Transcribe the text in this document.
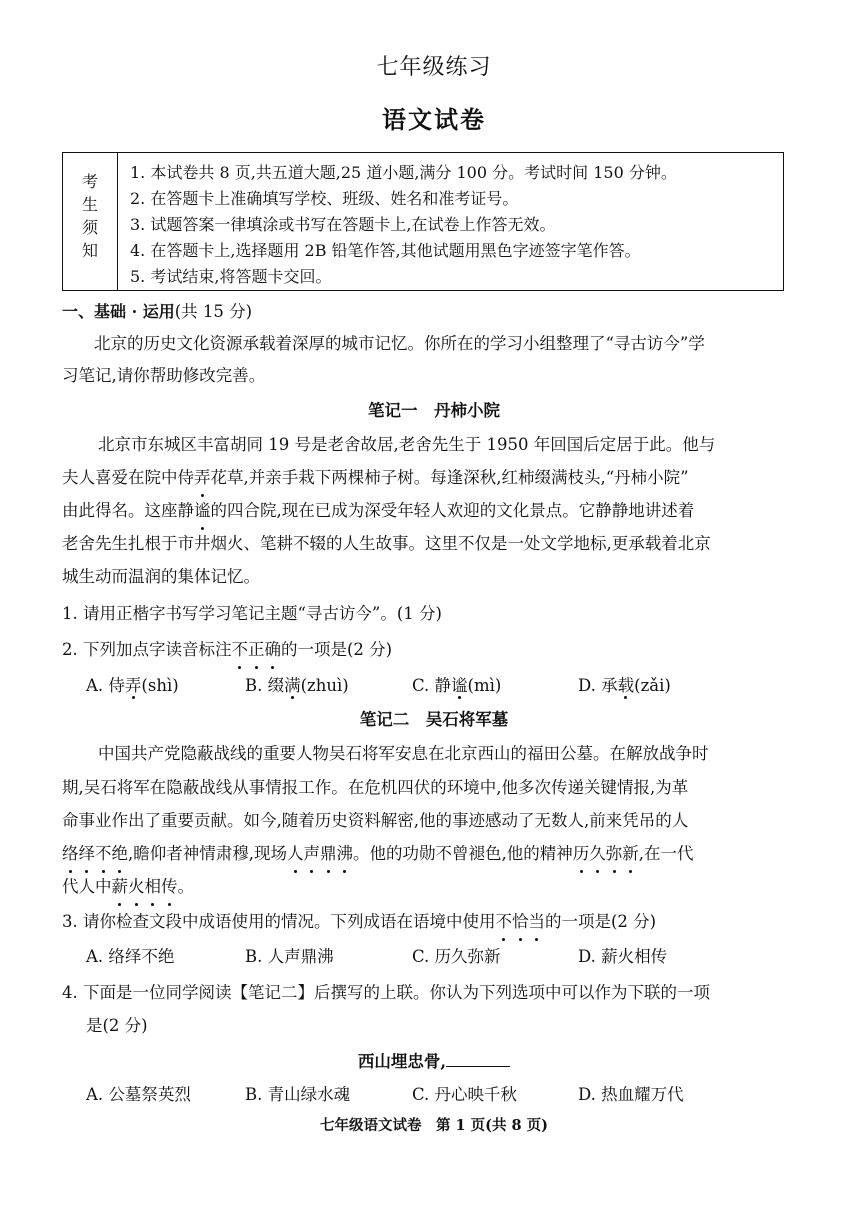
七年级练习
语文试卷
考
生
须
知

1. 本试卷共 8 页,共五道大题,25 道小题,满分 100 分。考试时间 150 分钟。
2. 在答题卡上准确填写学校、班级、姓名和准考证号。
3. 试题答案一律填涂或书写在答题卡上,在试卷上作答无效。
4. 在答题卡上,选择题用 2B 铅笔作答,其他试题用黑色字迹签字笔作答。
5. 考试结束,将答题卡交回。
一、基础 · 运用(共 15 分)
北京的历史文化资源承载着深厚的城市记忆。你所在的学习小组整理了“寻古访今”学
习笔记,请你帮助修改完善。
笔记一　丹柿小院
北京市东城区丰富胡同 19 号是老舍故居,老舍先生于 1950 年回国后定居于此。他与
夫人喜爱在院中侍弄花草,并亲手栽下两棵柿子树。每逢深秋,红柿缀满枝头,“丹柿小院”
由此得名。这座静谧的四合院,现在已成为深受年轻人欢迎的文化景点。它静静地讲述着
老舍先生扎根于市井烟火、笔耕不辍的人生故事。这里不仅是一处文学地标,更承载着北京
城生动而温润的集体记忆。
1. 请用正楷字书写学习笔记主题“寻古访今”。(1 分)
2. 下列加点字读音标注不正确的一项是(2 分)
A. 侍弄(shì)	B. 缀满(zhuì)	C. 静谧(mì)	D. 承载(zǎi)
笔记二　吴石将军墓
中国共产党隐蔽战线的重要人物吴石将军安息在北京西山的福田公墓。在解放战争时
期,吴石将军在隐蔽战线从事情报工作。在危机四伏的环境中,他多次传递关键情报,为革
命事业作出了重要贡献。如今,随着历史资料解密,他的事迹感动了无数人,前来凭吊的人
络绎不绝,瞻仰者神情肃穆,现场人声鼎沸。他的功勋不曾褪色,他的精神历久弥新,在一代
代人中薪火相传。
3. 请你检查文段中成语使用的情况。下列成语在语境中使用不恰当的一项是(2 分)
A. 络绎不绝	B. 人声鼎沸	C. 历久弥新	D. 薪火相传
4. 下面是一位同学阅读【笔记二】后撰写的上联。你认为下列选项中可以作为下联的一项
是(2 分)
西山埋忠骨,
A. 公墓祭英烈	B. 青山绿水魂	C. 丹心映千秋	D. 热血耀万代
七年级语文试卷　第 1 页(共 8 页)
